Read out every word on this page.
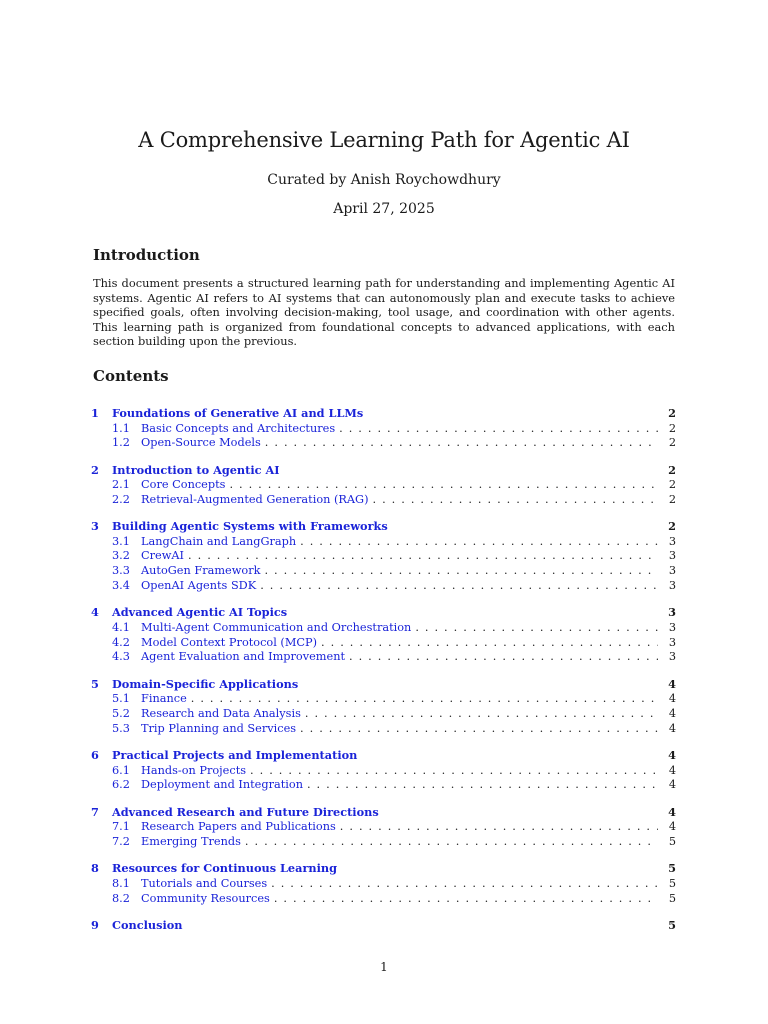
A Comprehensive Learning Path for Agentic AI
Curated by Anish Roychowdhury
April 27, 2025
Introduction
This document presents a structured learning path for understanding and implementing Agentic AI systems. Agentic AI refers to AI systems that can autonomously plan and execute tasks to achieve specified goals, often involving decision-making, tool usage, and coordination with other agents. This learning path is organized from foundational concepts to advanced applications, with each section building upon the previous.
Contents
1	Foundations of Generative AI and LLMs	2
1.1 Basic Concepts and Architectures . . .	2
1.2 Open-Source Models . . .	2
2	Introduction to Agentic AI	2
2.1 Core Concepts . . .	2
2.2 Retrieval-Augmented Generation (RAG) . . .	2
3	Building Agentic Systems with Frameworks	2
3.1 LangChain and LangGraph . . .	3
3.2 CrewAI . . .	3
3.3 AutoGen Framework . . .	3
3.4 OpenAI Agents SDK . . .	3
4	Advanced Agentic AI Topics	3
4.1 Multi-Agent Communication and Orchestration . . .	3
4.2 Model Context Protocol (MCP) . . .	3
4.3 Agent Evaluation and Improvement . . .	3
5	Domain-Specific Applications	4
5.1 Finance . . .	4
5.2 Research and Data Analysis . . .	4
5.3 Trip Planning and Services . . .	4
6	Practical Projects and Implementation	4
6.1 Hands-on Projects . . .	4
6.2 Deployment and Integration . . .	4
7	Advanced Research and Future Directions	4
7.1 Research Papers and Publications . . .	4
7.2 Emerging Trends . . .	5
8	Resources for Continuous Learning	5
8.1 Tutorials and Courses . . .	5
8.2 Community Resources . . .	5
9	Conclusion	5
1
